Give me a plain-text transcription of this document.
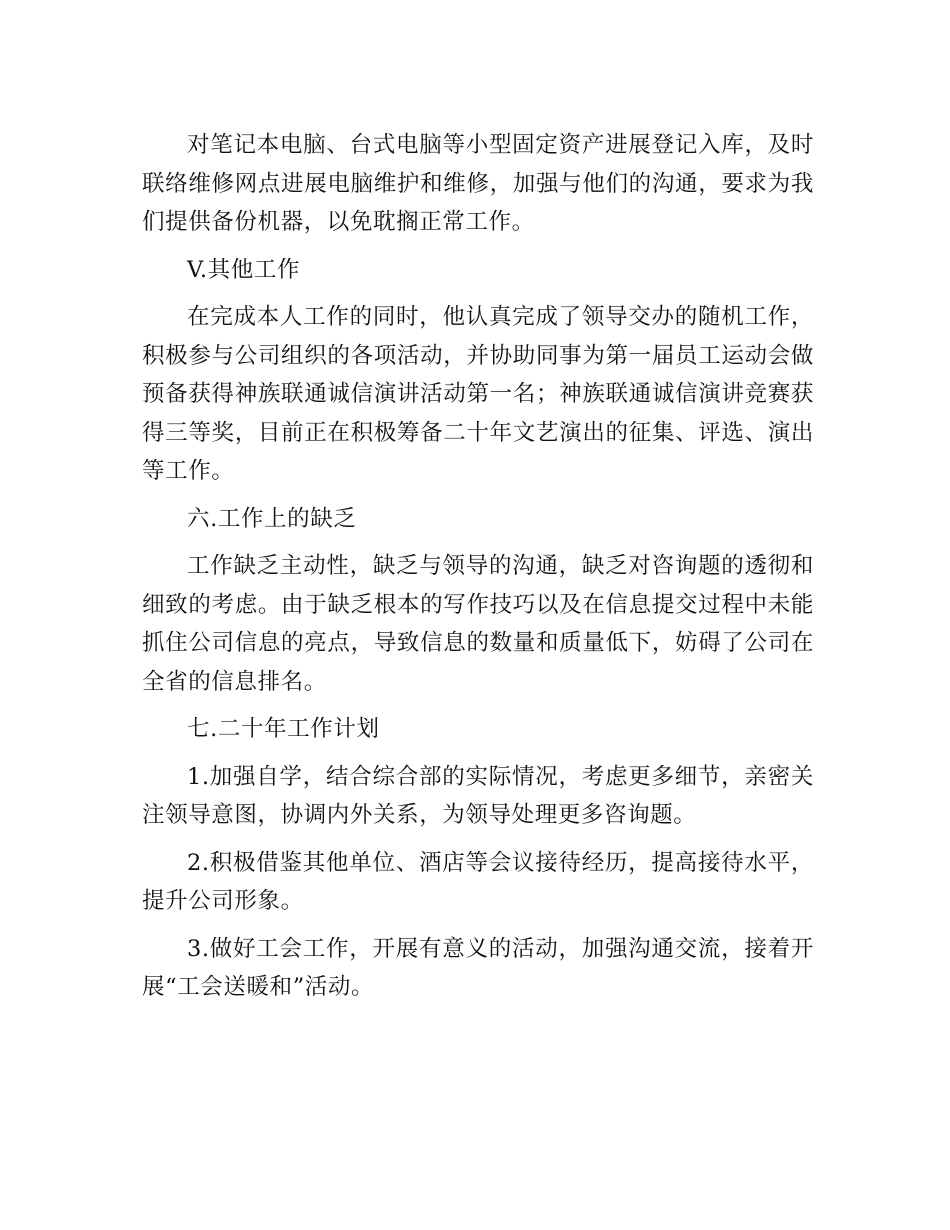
对笔记本电脑、台式电脑等小型固定资产进展登记入库，及时联络维修网点进展电脑维护和维修，加强与他们的沟通，要求为我们提供备份机器，以免耽搁正常工作。

V.其他工作

在完成本人工作的同时，他认真完成了领导交办的随机工作，积极参与公司组织的各项活动，并协助同事为第一届员工运动会做预备获得神族联通诚信演讲活动第一名；神族联通诚信演讲竞赛获得三等奖，目前正在积极筹备二十年文艺演出的征集、评选、演出等工作。

六.工作上的缺乏

工作缺乏主动性，缺乏与领导的沟通，缺乏对咨询题的透彻和细致的考虑。由于缺乏根本的写作技巧以及在信息提交过程中未能抓住公司信息的亮点，导致信息的数量和质量低下，妨碍了公司在全省的信息排名。

七.二十年工作计划

1.加强自学，结合综合部的实际情况，考虑更多细节，亲密关注领导意图，协调内外关系，为领导处理更多咨询题。

2.积极借鉴其他单位、酒店等会议接待经历，提高接待水平，提升公司形象。

3.做好工会工作，开展有意义的活动，加强沟通交流，接着开展“工会送暖和”活动。
